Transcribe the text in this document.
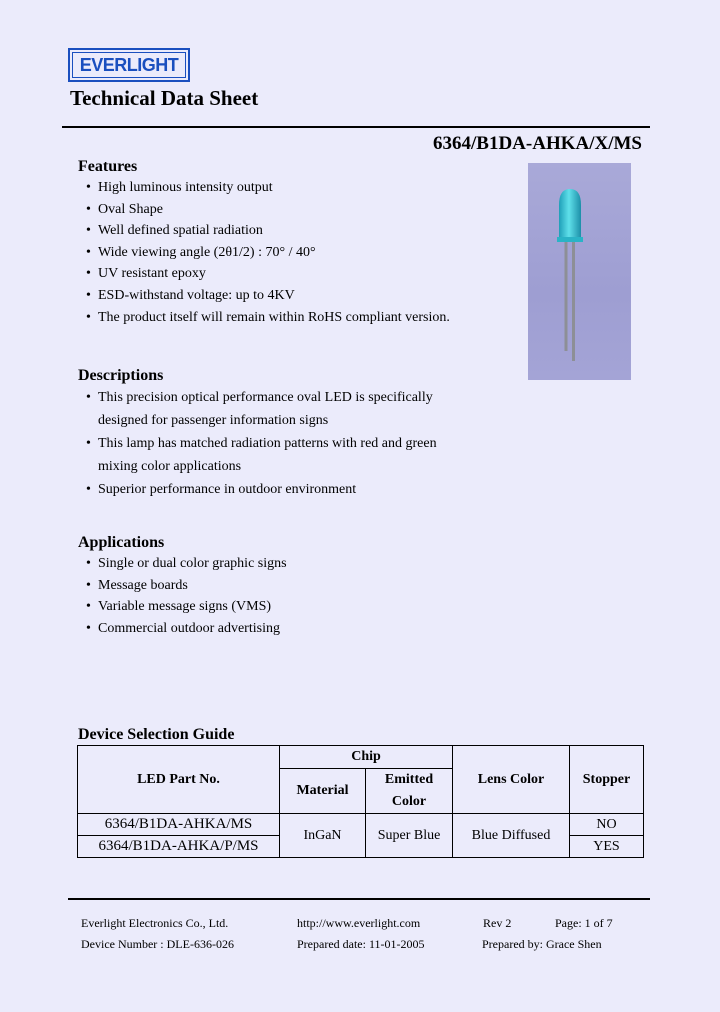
EVERLIGHT
Technical Data Sheet
6364/B1DA-AHKA/X/MS
Features
• High luminous intensity output
• Oval Shape
• Well defined spatial radiation
• Wide viewing angle (2θ1/2) : 70° / 40°
• UV resistant epoxy
• ESD-withstand voltage: up to 4KV
• The product itself will remain within RoHS compliant version.
Descriptions
• This precision optical performance oval LED is specifically designed for passenger information signs
• This lamp has matched radiation patterns with red and green mixing color applications
• Superior performance in outdoor environment
Applications
• Single or dual color graphic signs
• Message boards
• Variable message signs (VMS)
• Commercial outdoor advertising
Device Selection Guide
LED Part No.	Chip		Lens Color	Stopper
	Material	Emitted Color		
6364/B1DA-AHKA/MS	InGaN	Super Blue	Blue Diffused	NO
6364/B1DA-AHKA/P/MS				YES
Everlight Electronics Co., Ltd.	http://www.everlight.com	Rev 2	Page: 1 of 7
Device Number : DLE-636-026	Prepared date: 11-01-2005	Prepared by: Grace Shen
